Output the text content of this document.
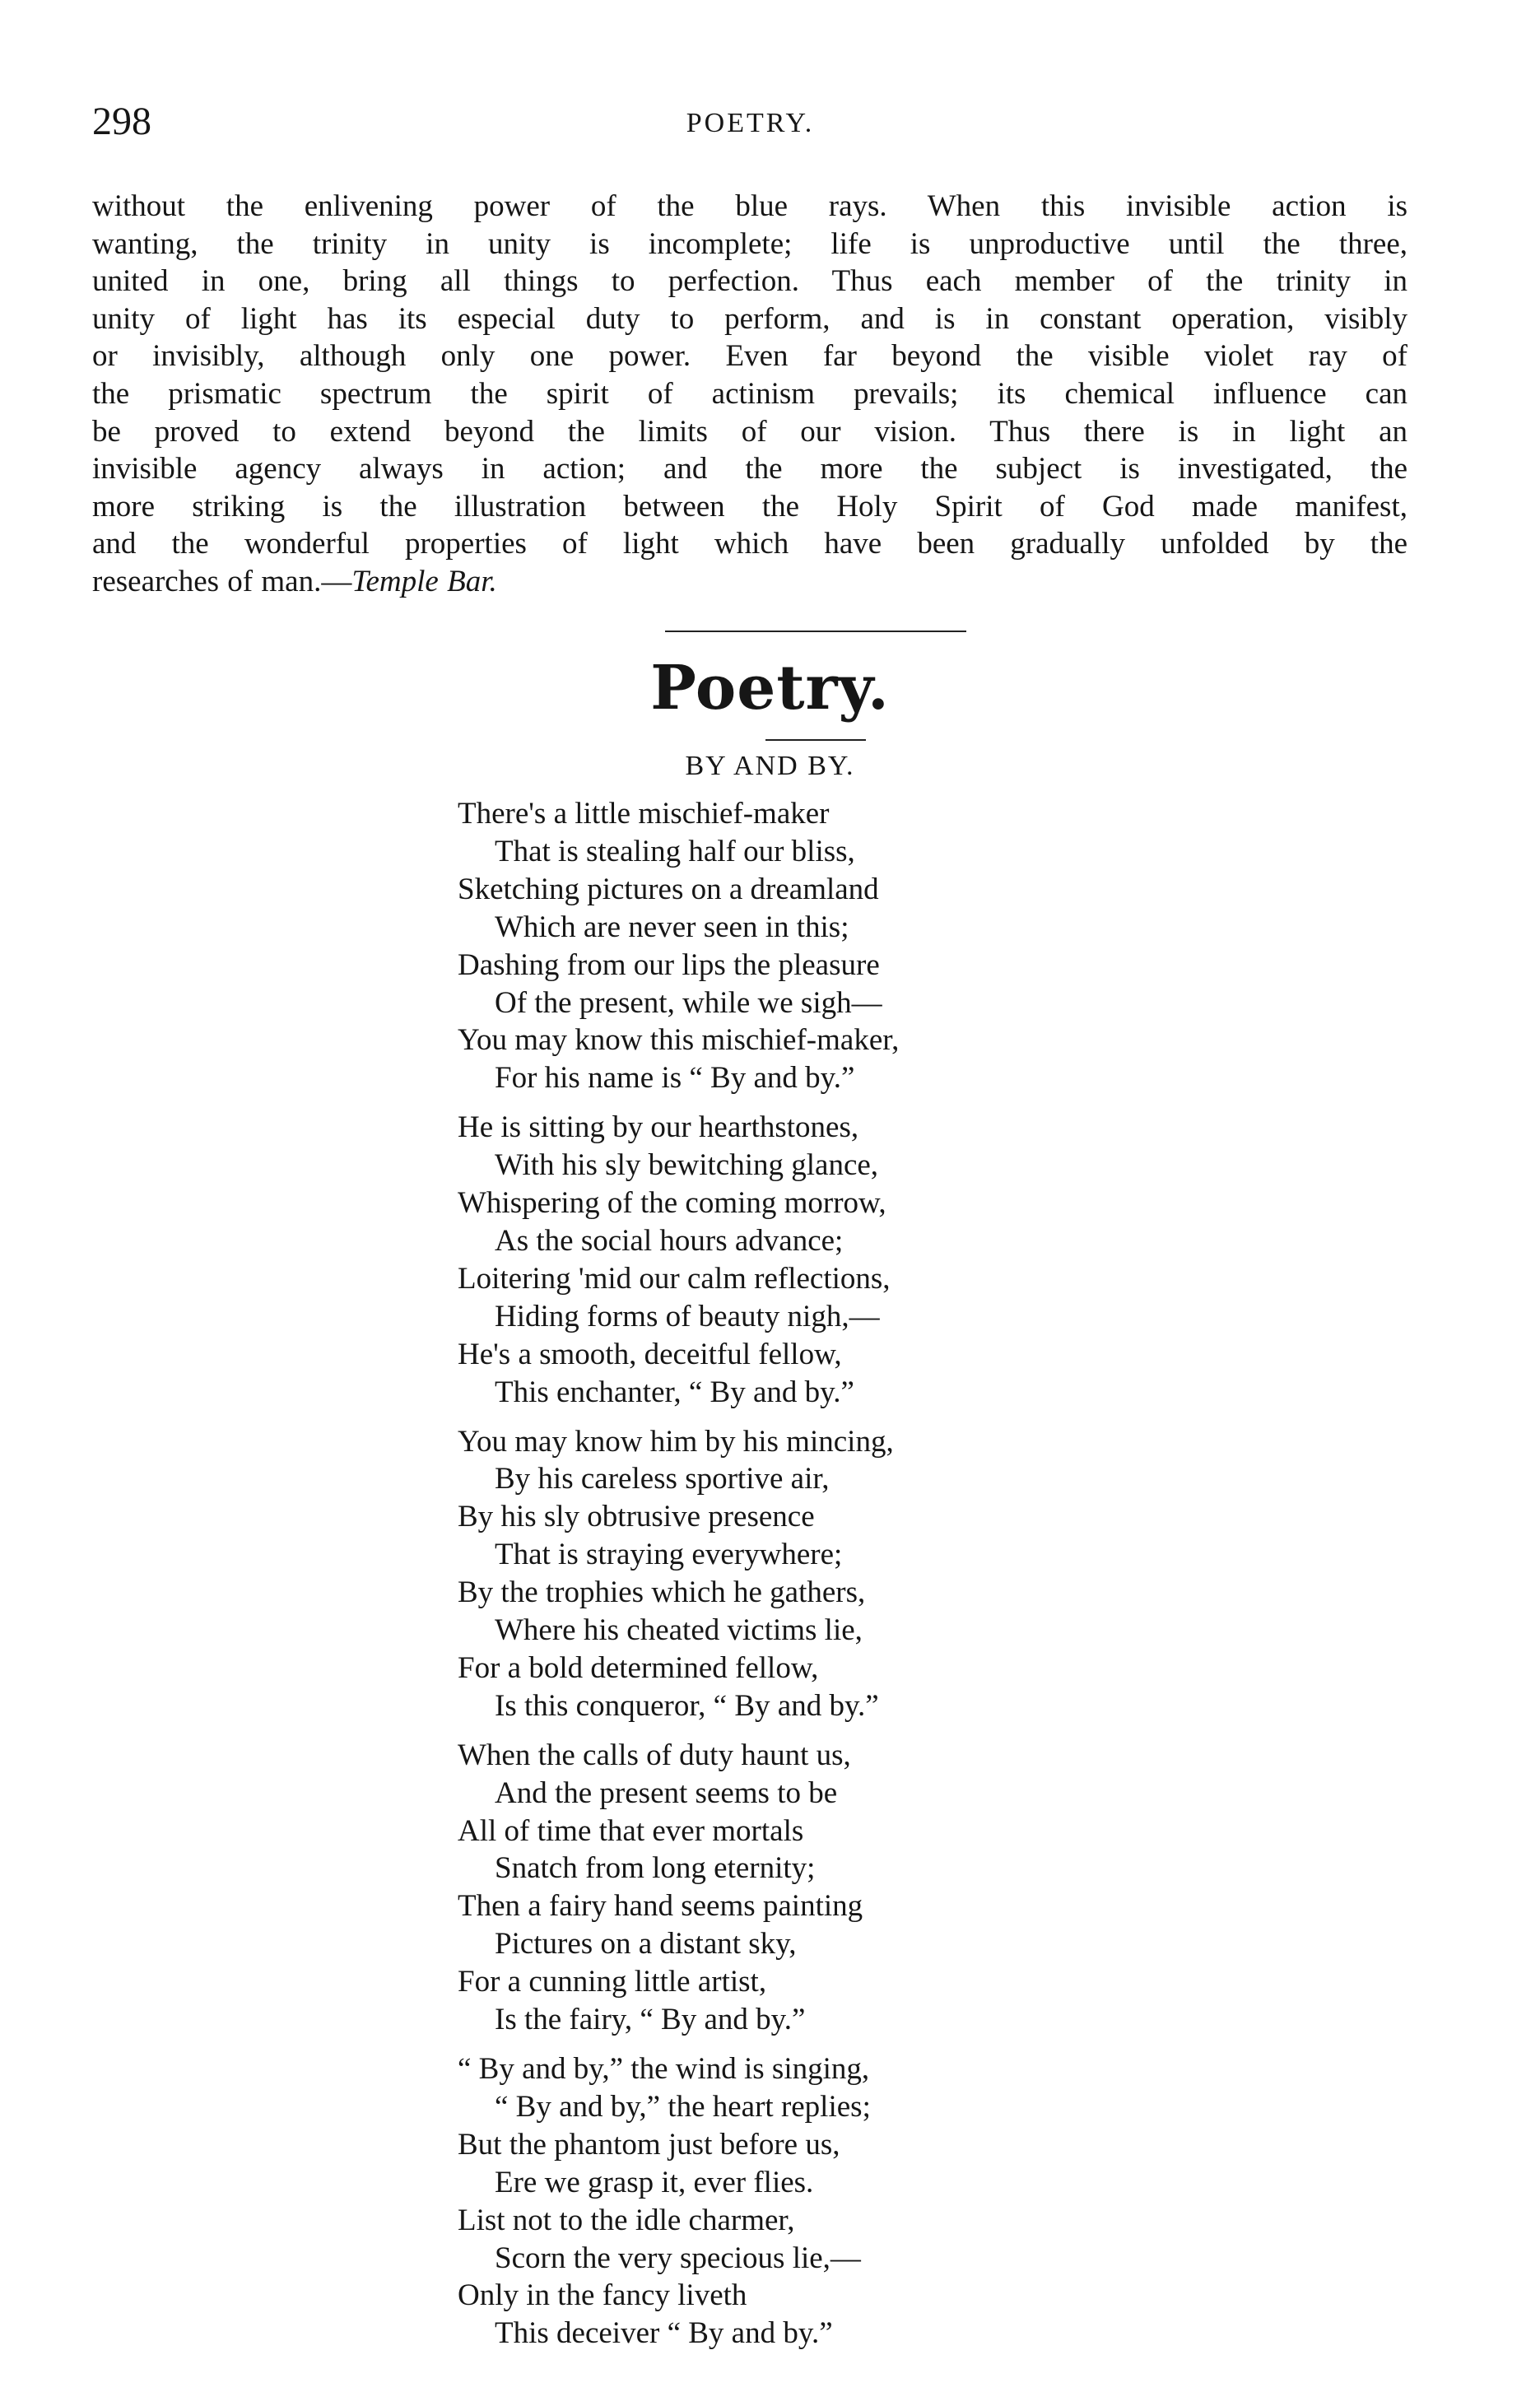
298	POETRY.
without the enlivening power of the blue rays. When this invisible action is
wanting, the trinity in unity is incomplete; life is unproductive until the three,
united in one, bring all things to perfection. Thus each member of the trinity in
unity of light has its especial duty to perform, and is in constant operation, visibly
or invisibly, although only one power. Even far beyond the visible violet ray of
the prismatic spectrum the spirit of actinism prevails; its chemical influence can
be proved to extend beyond the limits of our vision. Thus there is in light an
invisible agency always in action; and the more the subject is investigated, the
more striking is the illustration between the Holy Spirit of God made manifest,
and the wonderful properties of light which have been gradually unfolded by the
researches of man.—Temple Bar.
Poetry.
BY AND BY.
There's a little mischief-maker
That is stealing half our bliss,
Sketching pictures on a dreamland
Which are never seen in this;
Dashing from our lips the pleasure
Of the present, while we sigh—
You may know this mischief-maker,
For his name is “ By and by.”
He is sitting by our hearthstones,
With his sly bewitching glance,
Whispering of the coming morrow,
As the social hours advance;
Loitering 'mid our calm reflections,
Hiding forms of beauty nigh,—
He's a smooth, deceitful fellow,
This enchanter, “ By and by.”
You may know him by his mincing,
By his careless sportive air,
By his sly obtrusive presence
That is straying everywhere;
By the trophies which he gathers,
Where his cheated victims lie,
For a bold determined fellow,
Is this conqueror, “ By and by.”
When the calls of duty haunt us,
And the present seems to be
All of time that ever mortals
Snatch from long eternity;
Then a fairy hand seems painting
Pictures on a distant sky,
For a cunning little artist,
Is the fairy, “ By and by.”
“ By and by,” the wind is singing,
“ By and by,” the heart replies;
But the phantom just before us,
Ere we grasp it, ever flies.
List not to the idle charmer,
Scorn the very specious lie,—
Only in the fancy liveth
This deceiver “ By and by.”
